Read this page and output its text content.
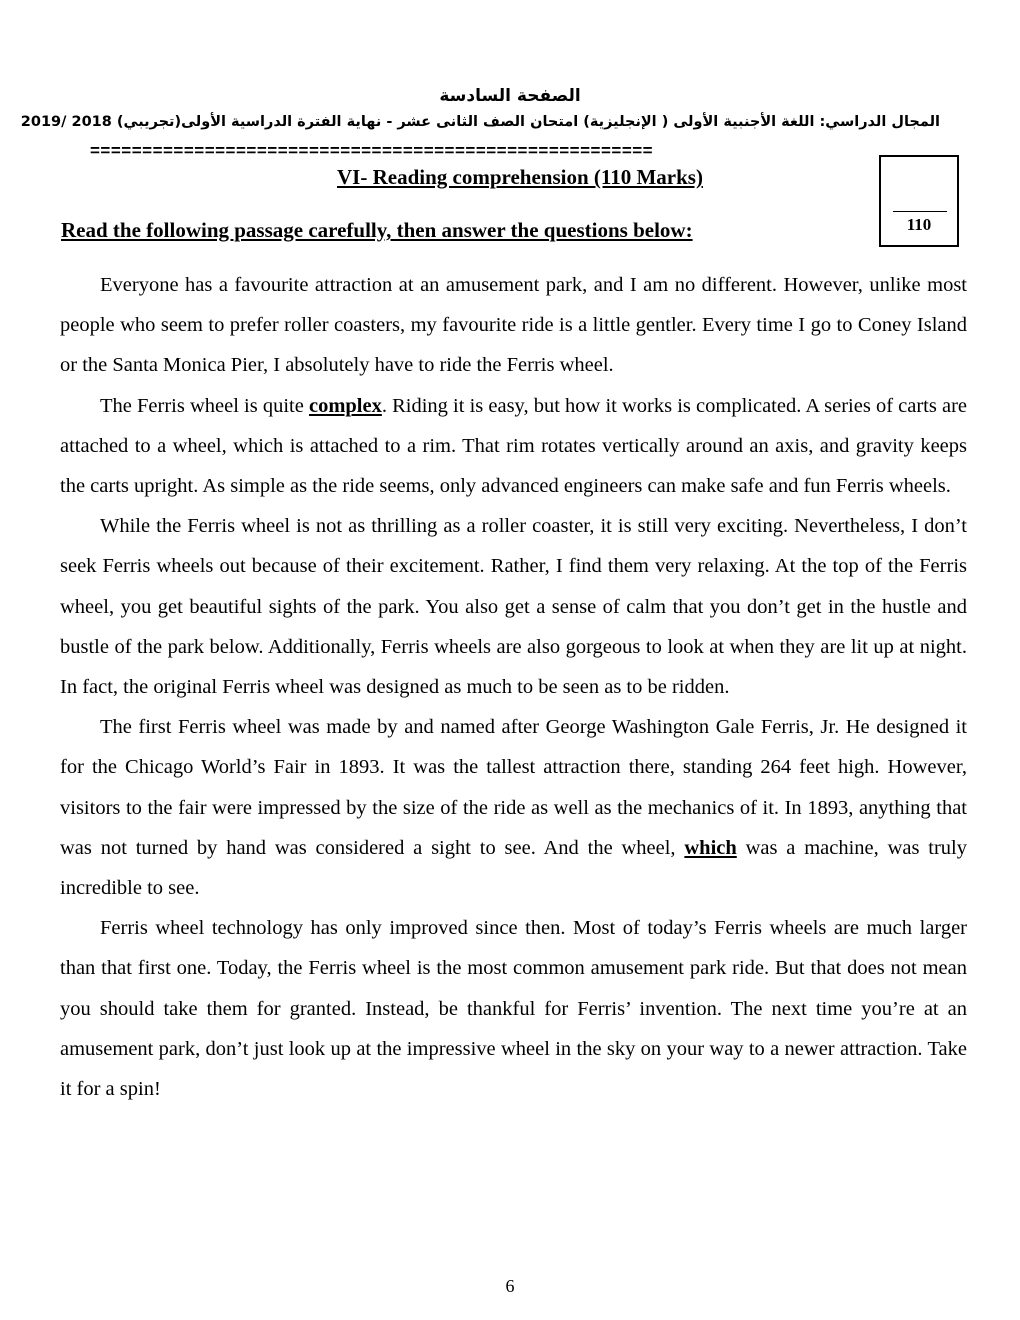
الصفحة السادسة
المجال الدراسي: اللغة الأجنبية الأولى ( الإنجليزية) امتحان الصف الثانى عشر - نهاية الفترة الدراسية الأولى(تجريبي) 2018 /2019
======================================================
VI- Reading comprehension (110 Marks)
Read the following passage carefully, then answer the questions below:	110

Everyone has a favourite attraction at an amusement park, and I am no different. However, unlike most people who seem to prefer roller coasters, my favourite ride is a little gentler. Every time I go to Coney Island or the Santa Monica Pier, I absolutely have to ride the Ferris wheel.

The Ferris wheel is quite complex. Riding it is easy, but how it works is complicated. A series of carts are attached to a wheel, which is attached to a rim. That rim rotates vertically around an axis, and gravity keeps the carts upright. As simple as the ride seems, only advanced engineers can make safe and fun Ferris wheels.

While the Ferris wheel is not as thrilling as a roller coaster, it is still very exciting. Nevertheless, I don’t seek Ferris wheels out because of their excitement. Rather, I find them very relaxing. At the top of the Ferris wheel, you get beautiful sights of the park. You also get a sense of calm that you don’t get in the hustle and bustle of the park below. Additionally, Ferris wheels are also gorgeous to look at when they are lit up at night. In fact, the original Ferris wheel was designed as much to be seen as to be ridden.

The first Ferris wheel was made by and named after George Washington Gale Ferris, Jr. He designed it for the Chicago World’s Fair in 1893. It was the tallest attraction there, standing 264 feet high. However, visitors to the fair were impressed by the size of the ride as well as the mechanics of it. In 1893, anything that was not turned by hand was considered a sight to see. And the wheel, which was a machine, was truly incredible to see.

Ferris wheel technology has only improved since then. Most of today’s Ferris wheels are much larger than that first one. Today, the Ferris wheel is the most common amusement park ride. But that does not mean you should take them for granted. Instead, be thankful for Ferris’ invention. The next time you’re at an amusement park, don’t just look up at the impressive wheel in the sky on your way to a newer attraction. Take it for a spin!

6
